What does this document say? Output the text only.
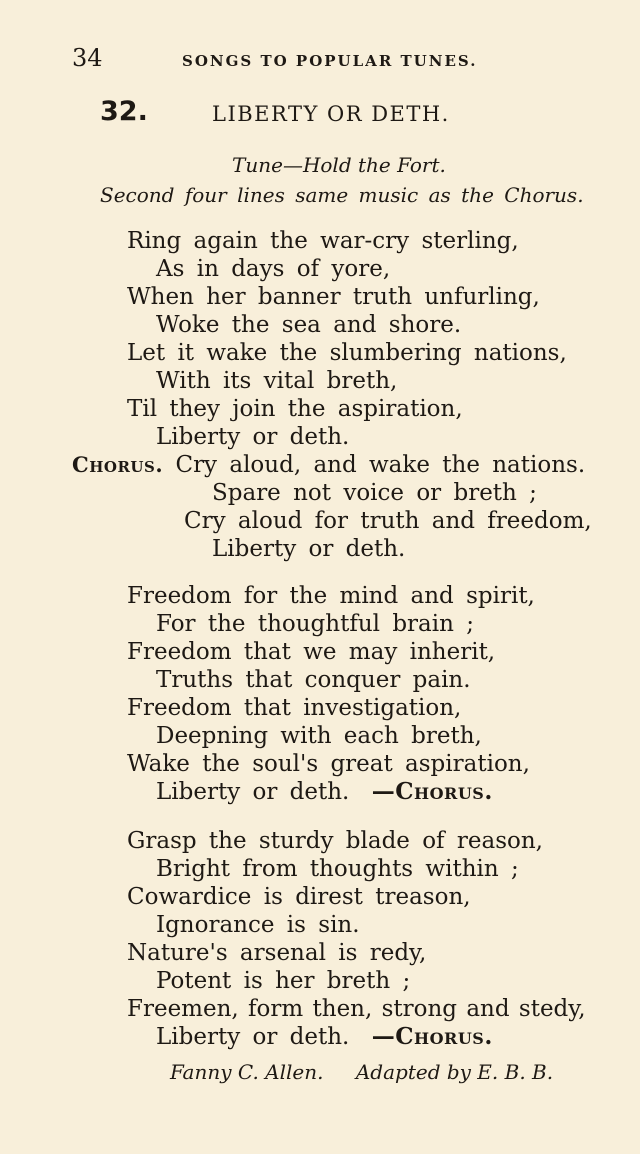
34	SONGS TO POPULAR TUNES.
32.	LIBERTY OR DETH.
Tune—Hold the Fort.
Second four lines same music as the Chorus.
Ring again the war-cry sterling,
As in days of yore,
When her banner truth unfurling,
Woke the sea and shore.
Let it wake the slumbering nations,
With its vital breth,
Til they join the aspiration,
Liberty or deth.
Chorus. Cry aloud, and wake the nations.
Spare not voice or breth ;
Cry aloud for truth and freedom,
Liberty or deth.
Freedom for the mind and spirit,
For the thoughtful brain ;
Freedom that we may inherit,
Truths that conquer pain.
Freedom that investigation,
Deepning with each breth,
Wake the soul's great aspiration,
Liberty or deth. —Chorus.
Grasp the sturdy blade of reason,
Bright from thoughts within ;
Cowardice is direst treason,
Ignorance is sin.
Nature's arsenal is redy,
Potent is her breth ;
Freemen, form then, strong and stedy,
Liberty or deth. —Chorus.
Fanny C. Allen. Adapted by E. B. B.
